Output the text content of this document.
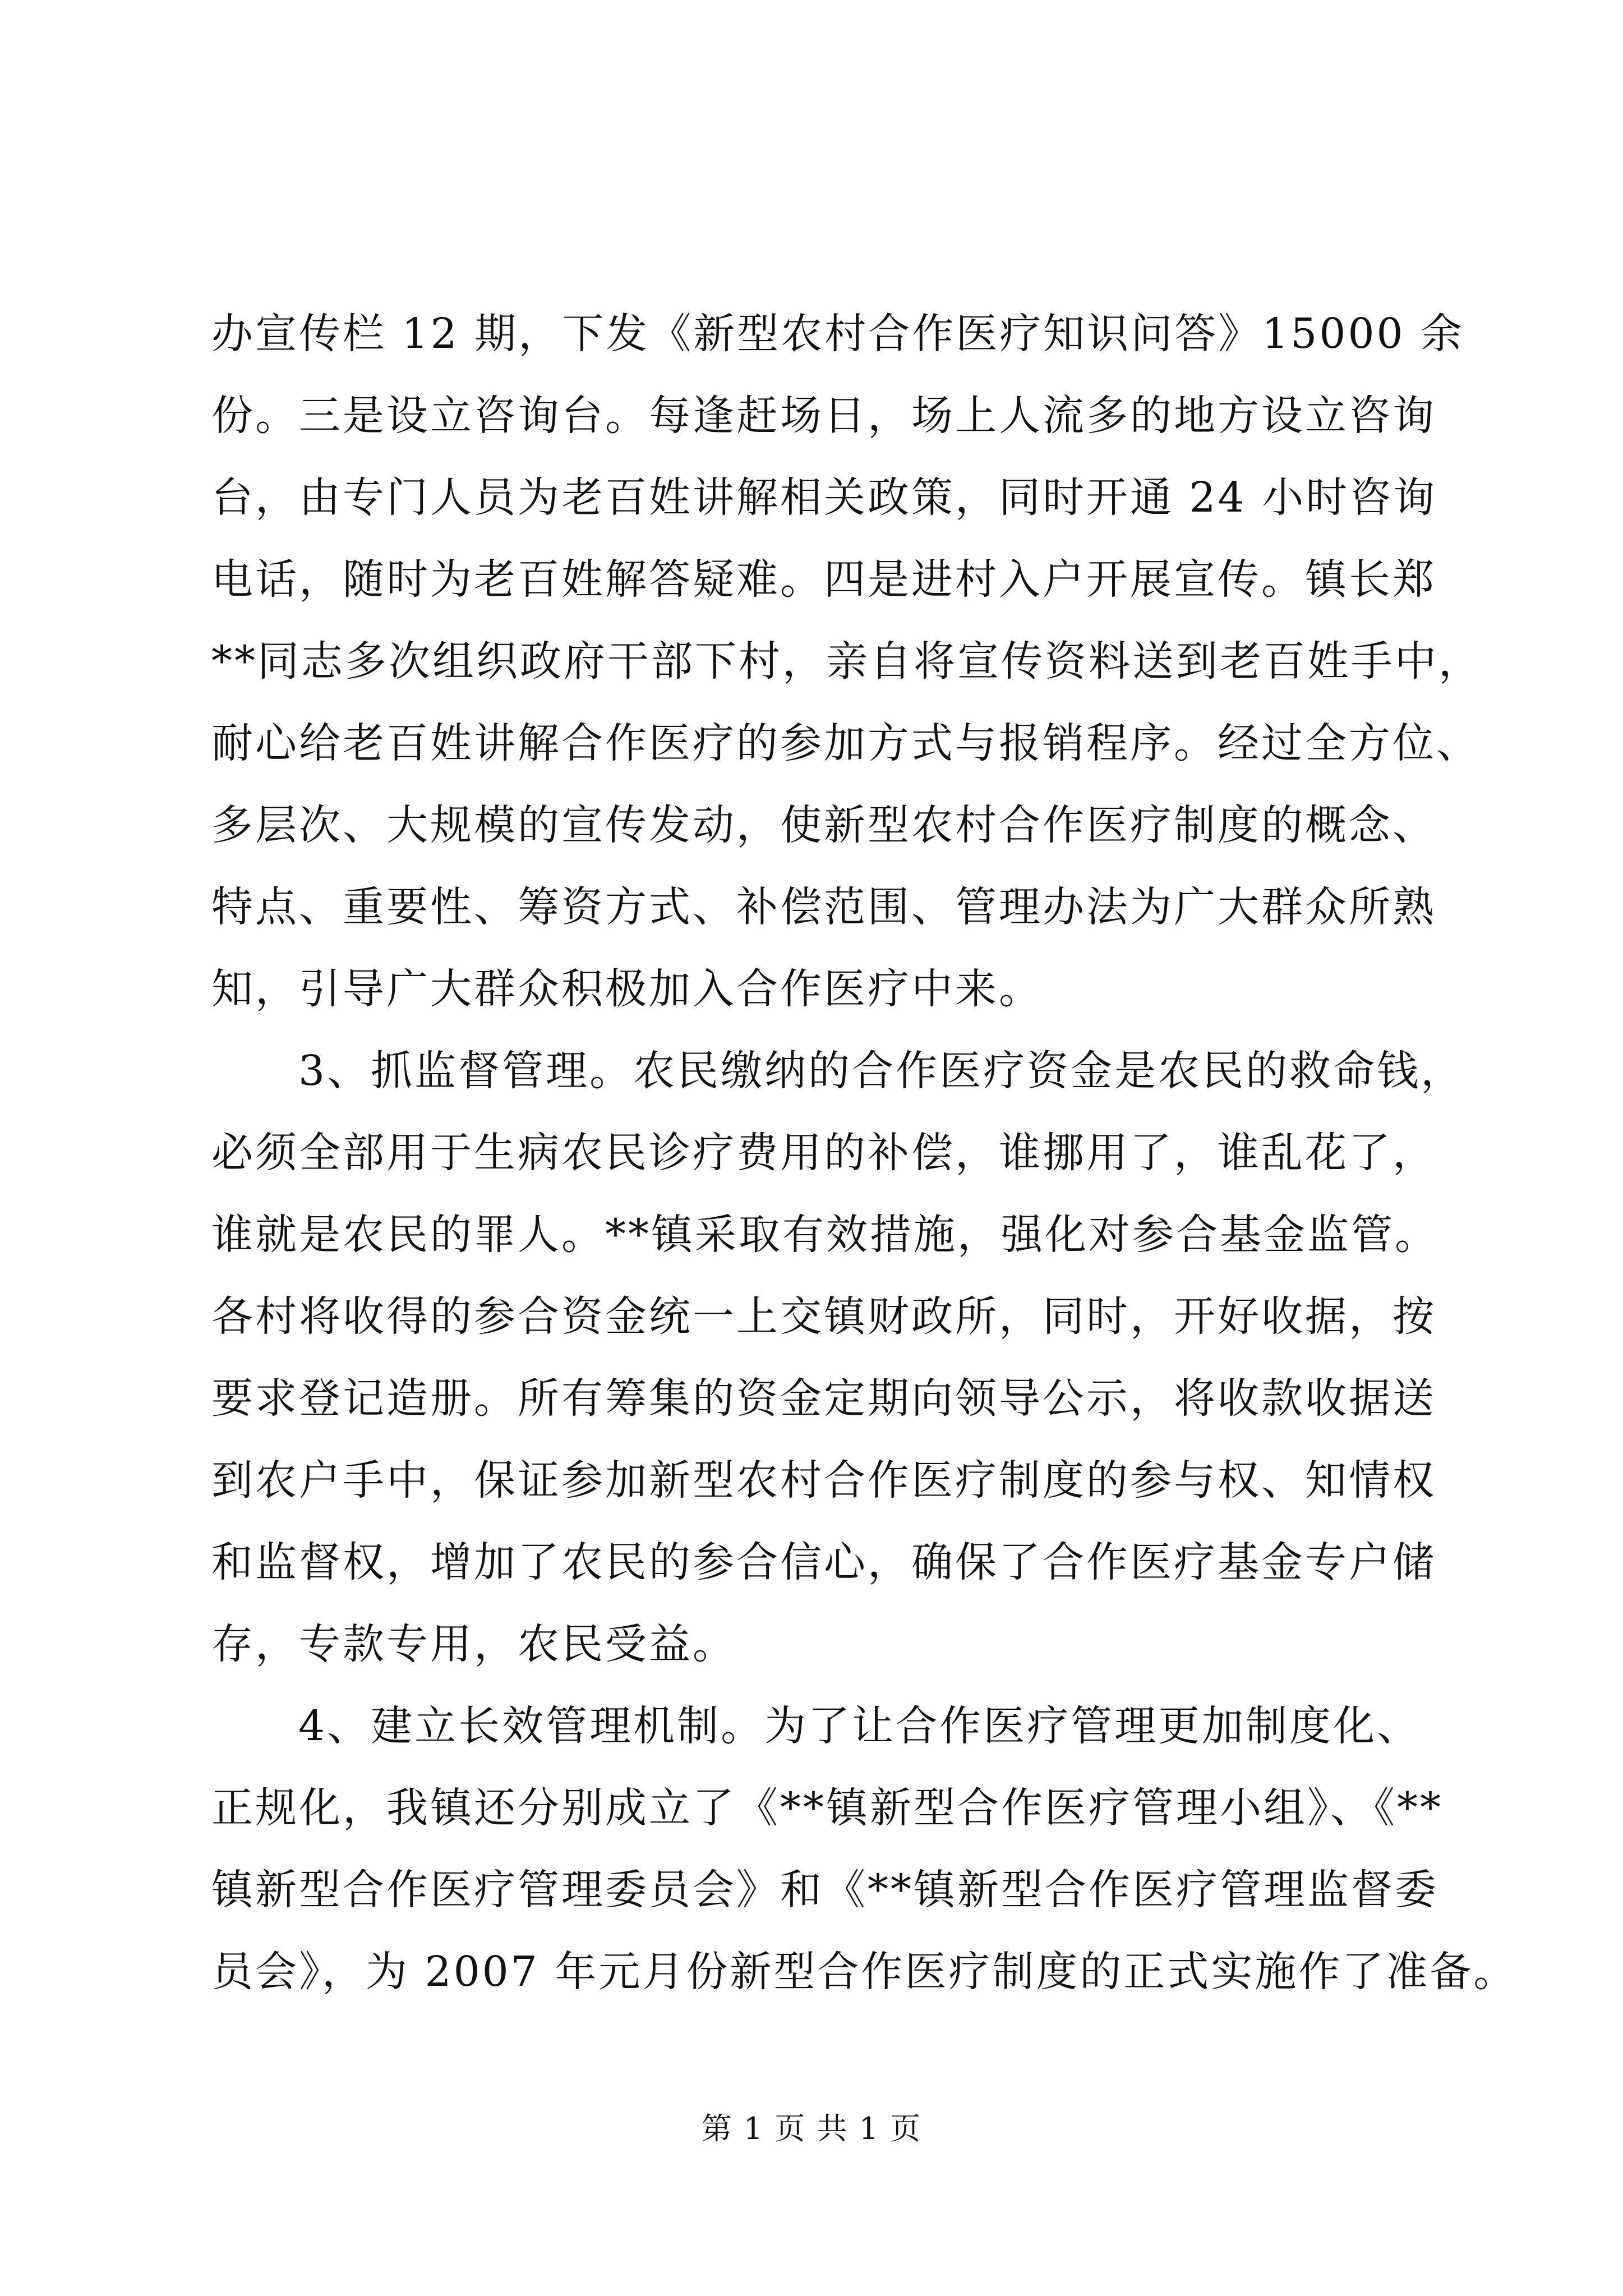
办宣传栏 12 期，下发《新型农村合作医疗知识问答》15000 余
份。三是设立咨询台。每逢赶场日，场上人流多的地方设立咨询
台，由专门人员为老百姓讲解相关政策，同时开通 24 小时咨询
电话，随时为老百姓解答疑难。四是进村入户开展宣传。镇长郑
**同志多次组织政府干部下村，亲自将宣传资料送到老百姓手中，
耐心给老百姓讲解合作医疗的参加方式与报销程序。经过全方位、
多层次、大规模的宣传发动，使新型农村合作医疗制度的概念、
特点、重要性、筹资方式、补偿范围、管理办法为广大群众所熟
知，引导广大群众积极加入合作医疗中来。
3、抓监督管理。农民缴纳的合作医疗资金是农民的救命钱，
必须全部用于生病农民诊疗费用的补偿，谁挪用了，谁乱花了，
谁就是农民的罪人。**镇采取有效措施，强化对参合基金监管。
各村将收得的参合资金统一上交镇财政所，同时，开好收据，按
要求登记造册。所有筹集的资金定期向领导公示，将收款收据送
到农户手中，保证参加新型农村合作医疗制度的参与权、知情权
和监督权，增加了农民的参合信心，确保了合作医疗基金专户储
存，专款专用，农民受益。
4、建立长效管理机制。为了让合作医疗管理更加制度化、
正规化，我镇还分别成立了《**镇新型合作医疗管理小组》、《**
镇新型合作医疗管理委员会》和《**镇新型合作医疗管理监督委
员会》，为 2007 年元月份新型合作医疗制度的正式实施作了准备。
第 1 页 共 1 页
